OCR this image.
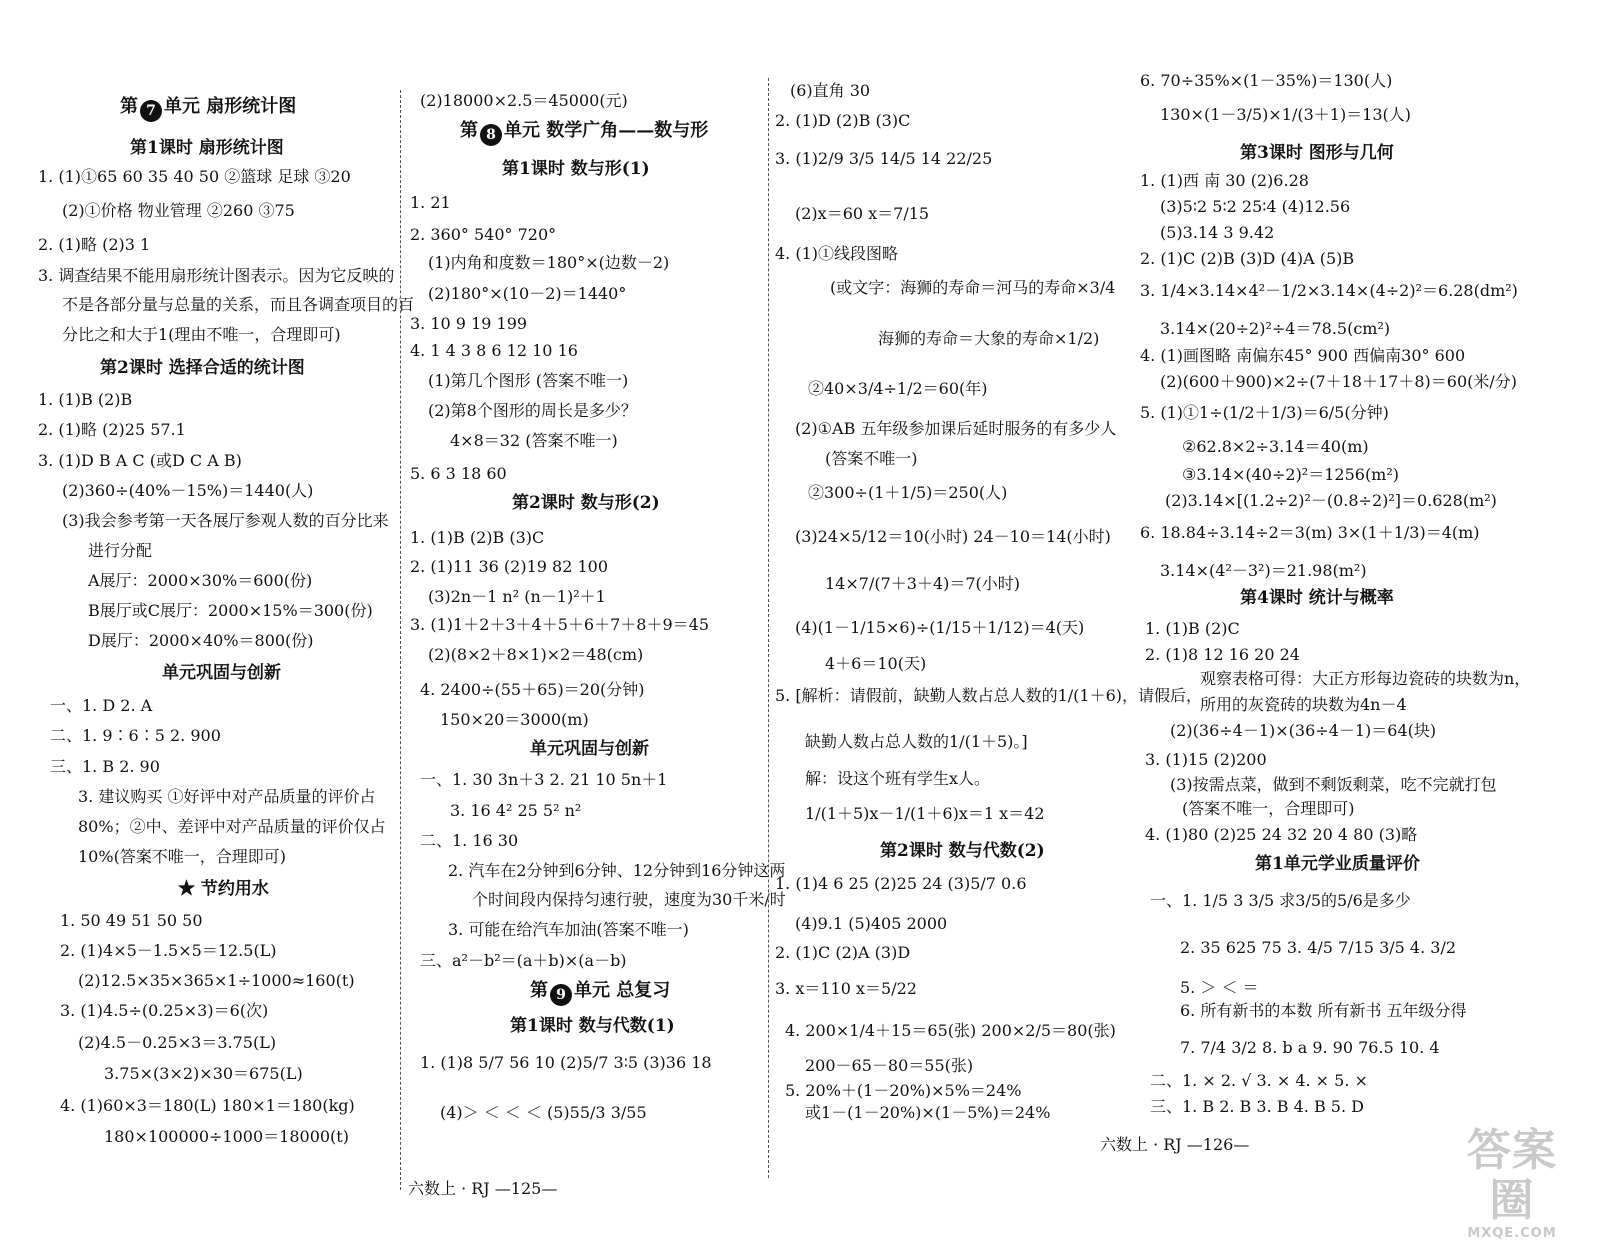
第 7 单元 扇形统计图
第1课时 扇形统计图
1. (1)①65 60 35 40 50 ②篮球 足球 ③20
(2)①价格 物业管理 ②260 ③75
2. (1)略 (2)3 1
3. 调查结果不能用扇形统计图表示。因为它反映的
不是各部分量与总量的关系，而且各调查项目的百
分比之和大于1(理由不唯一，合理即可)
第2课时 选择合适的统计图
1. (1)B (2)B
2. (1)略 (2)25 57.1
3. (1)D B A C (或D C A B)
(2)360÷(40%－15%)＝1440(人)
(3)我会参考第一天各展厅参观人数的百分比来
进行分配
A展厅：2000×30%＝600(份)
B展厅或C展厅：2000×15%＝300(份)
D展厅：2000×40%＝800(份)
单元巩固与创新
一、1. D 2. A
二、1. 9∶6∶5 2. 900
三、1. B 2. 90
3. 建议购买 ①好评中对产品质量的评价占
80%；②中、差评中对产品质量的评价仅占
10%(答案不唯一，合理即可)
★ 节约用水
1. 50 49 51 50 50
2. (1)4×5－1.5×5＝12.5(L)
(2)12.5×35×365×1÷1000≈160(t)
3. (1)4.5÷(0.25×3)＝6(次)
(2)4.5－0.25×3＝3.75(L)
3.75×(3×2)×30＝675(L)
4. (1)60×3＝180(L) 180×1＝180(kg)
180×100000÷1000＝18000(t)
(2)18000×2.5＝45000(元)
第 8 单元 数学广角——数与形
第1课时 数与形(1)
1. 21
2. 360° 540° 720°
(1)内角和度数＝180°×(边数－2)
(2)180°×(10－2)＝1440°
3. 10 9 19 199
4. 1 4 3 8 6 12 10 16
(1)第几个图形 (答案不唯一)
(2)第8个图形的周长是多少？
4×8＝32 (答案不唯一)
5. 6 3 18 60
第2课时 数与形(2)
1. (1)B (2)B (3)C
2. (1)11 36 (2)19 82 100
(3)2n－1 n² (n－1)²＋1
3. (1)1＋2＋3＋4＋5＋6＋7＋8＋9＝45
(2)(8×2＋8×1)×2＝48(cm)
4. 2400÷(55＋65)＝20(分钟)
150×20＝3000(m)
单元巩固与创新
一、1. 30 3n＋3 2. 21 10 5n＋1
3. 16 4² 25 5² n²
二、1. 16 30
2. 汽车在2分钟到6分钟、12分钟到16分钟这两
个时间段内保持匀速行驶，速度为30千米/时
3. 可能在给汽车加油(答案不唯一)
三、a²－b²＝(a＋b)×(a－b)
第 9 单元 总复习
第1课时 数与代数(1)
1. (1)8 5/7 56 10 (2)5/7 3∶5 (3)36 18
(4)＞ ＜ ＜ ＜ (5)55/3 3/55
(6)直角 30
2. (1)D (2)B (3)C
3. (1)2/9 3/5 14/5 14 22/25
(2)x＝60 x＝7/15
4. (1)①线段图略
(或文字：海狮的寿命＝河马的寿命×3/4
海狮的寿命＝大象的寿命×1/2)
②40×3/4÷1/2＝60(年)
(2)①AB 五年级参加课后延时服务的有多少人
(答案不唯一)
②300÷(1＋1/5)＝250(人)
(3)24×5/12＝10(小时) 24－10＝14(小时)
14×7/(7＋3＋4)＝7(小时)
(4)(1－1/15×6)÷(1/15＋1/12)＝4(天)
4＋6＝10(天)
5. [解析：请假前，缺勤人数占总人数的1/(1＋6)，请假后，
缺勤人数占总人数的1/(1＋5)。]
解：设这个班有学生x人。
1/(1＋5)x－1/(1＋6)x＝1 x＝42
第2课时 数与代数(2)
1. (1)4 6 25 (2)25 24 (3)5/7 0.6
(4)9.1 (5)405 2000
2. (1)C (2)A (3)D
3. x＝110 x＝5/22
4. 200×1/4＋15＝65(张) 200×2/5＝80(张)
200－65－80＝55(张)
5. 20%＋(1－20%)×5%＝24%
或1－(1－20%)×(1－5%)＝24%
6. 70÷35%×(1－35%)＝130(人)
130×(1－3/5)×1/(3＋1)＝13(人)
第3课时 图形与几何
1. (1)西 南 30 (2)6.28
(3)5∶2 5∶2 25∶4 (4)12.56
(5)3.14 3 9.42
2. (1)C (2)B (3)D (4)A (5)B
3. 1/4×3.14×4²－1/2×3.14×(4÷2)²＝6.28(dm²)
3.14×(20÷2)²÷4＝78.5(cm²)
4. (1)画图略 南偏东45° 900 西偏南30° 600
(2)(600＋900)×2÷(7＋18＋17＋8)＝60(米/分)
5. (1)①1÷(1/2＋1/3)＝6/5(分钟)
②62.8×2÷3.14＝40(m)
③3.14×(40÷2)²＝1256(m²)
(2)3.14×[(1.2÷2)²－(0.8÷2)²]＝0.628(m²)
6. 18.84÷3.14÷2＝3(m) 3×(1＋1/3)＝4(m)
3.14×(4²－3²)＝21.98(m²)
第4课时 统计与概率
1. (1)B (2)C
2. (1)8 12 16 20 24
观察表格可得：大正方形每边瓷砖的块数为n，
所用的灰瓷砖的块数为4n－4
(2)(36÷4－1)×(36÷4－1)＝64(块)
3. (1)15 (2)200
(3)按需点菜，做到不剩饭剩菜，吃不完就打包
(答案不唯一，合理即可)
4. (1)80 (2)25 24 32 20 4 80 (3)略
第1单元学业质量评价
一、1. 1/5 3 3/5 求3/5的5/6是多少
2. 35 625 75 3. 4/5 7/15 3/5 4. 3/2
5. ＞ ＜ ＝
6. 所有新书的本数 所有新书 五年级分得
7. 7/4 3/2 8. b a 9. 90 76.5 10. 4
二、1. × 2. √ 3. × 4. × 5. ×
三、1. B 2. B 3. B 4. B 5. D
六数上 · RJ —125—
六数上 · RJ —126—	答案圈
MXQE.COM
